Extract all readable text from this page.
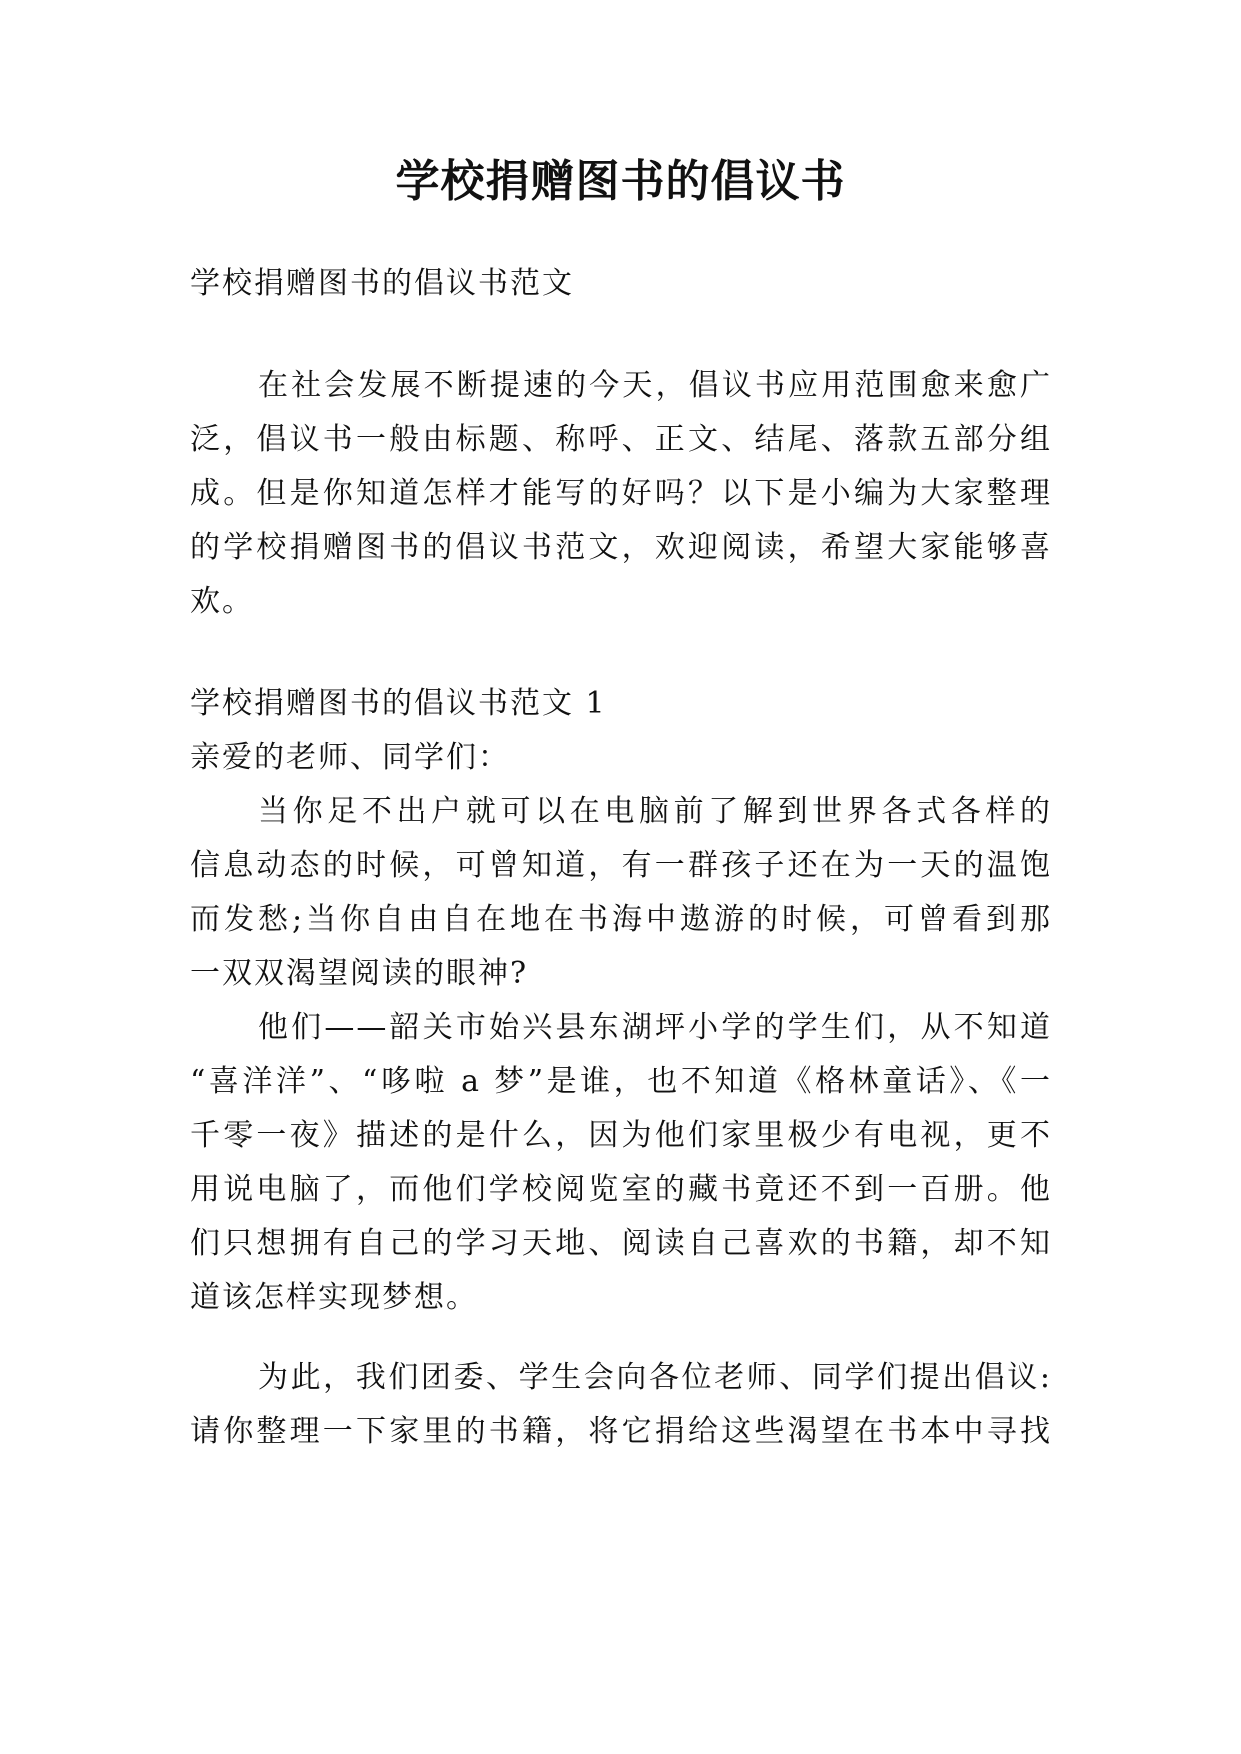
学校捐赠图书的倡议书
学校捐赠图书的倡议书范文
在社会发展不断提速的今天，倡议书应用范围愈来愈广
泛，倡议书一般由标题、称呼、正文、结尾、落款五部分组
成。但是你知道怎样才能写的好吗？以下是小编为大家整理
的学校捐赠图书的倡议书范文，欢迎阅读，希望大家能够喜
欢。
学校捐赠图书的倡议书范文 1
亲爱的老师、同学们：
当你足不出户就可以在电脑前了解到世界各式各样的
信息动态的时候，可曾知道，有一群孩子还在为一天的温饱
而发愁;当你自由自在地在书海中遨游的时候，可曾看到那
一双双渴望阅读的眼神?
他们——韶关市始兴县东湖坪小学的学生们，从不知道
“喜洋洋”、“哆啦 a 梦”是谁，也不知道《格林童话》、《一
千零一夜》描述的是什么，因为他们家里极少有电视，更不
用说电脑了，而他们学校阅览室的藏书竟还不到一百册。他
们只想拥有自己的学习天地、阅读自己喜欢的书籍，却不知
道该怎样实现梦想。
为此，我们团委、学生会向各位老师、同学们提出倡议:
请你整理一下家里的书籍，将它捐给这些渴望在书本中寻找
